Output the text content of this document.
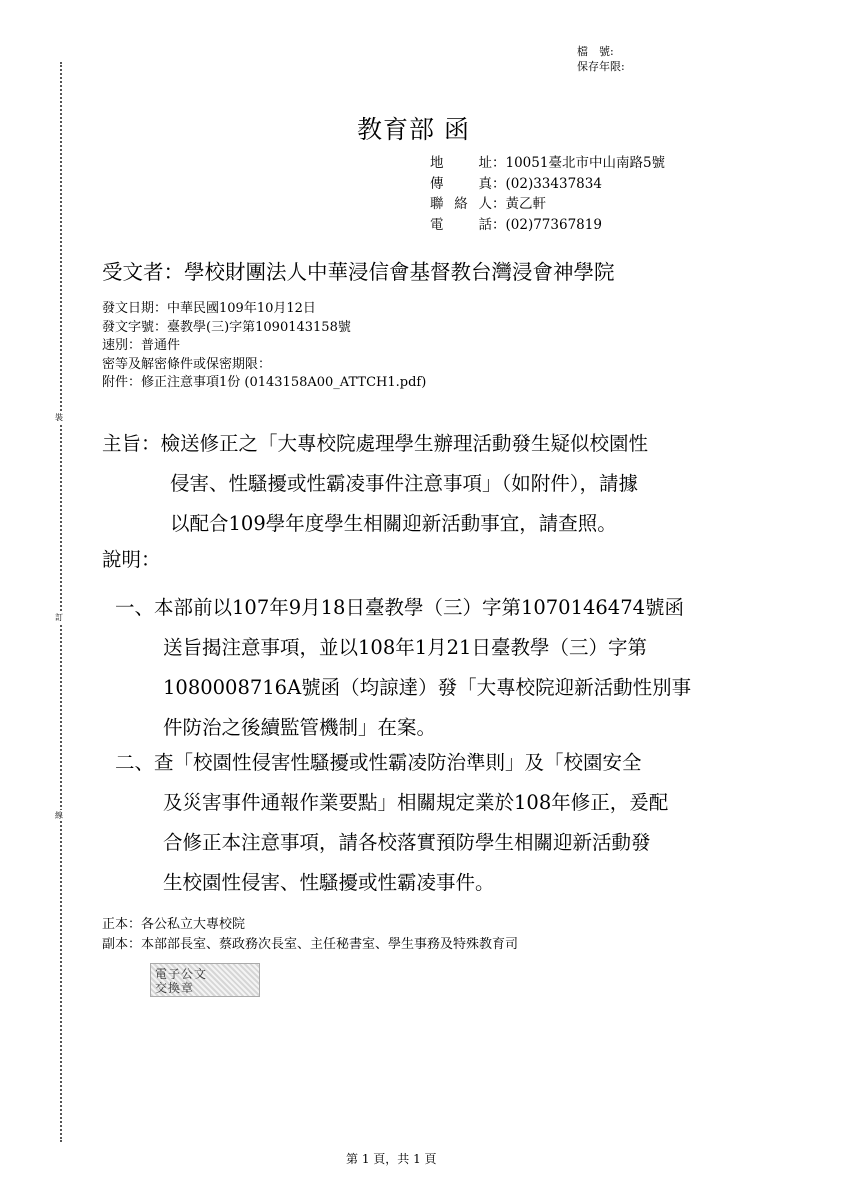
裝
訂
線
檔　號:
保存年限:
教育部 函
地址 ：10051臺北市中山南路5號
傳真 ：(02)33437834
聯絡人 ：黃乙軒
電話 ：(02)77367819
受文者：學校財團法人中華浸信會基督教台灣浸會神學院
發文日期：中華民國109年10月12日
發文字號：臺教學(三)字第1090143158號
速別：普通件
密等及解密條件或保密期限：
附件：修正注意事項1份 (0143158A00_ATTCH1.pdf)
主旨：檢送修正之「大專校院處理學生辦理活動發生疑似校園性
侵害、性騷擾或性霸凌事件注意事項」（如附件），請據
以配合109學年度學生相關迎新活動事宜，請查照。
說明：
一、本部前以107年9月18日臺教學（三）字第1070146474號函
送旨揭注意事項，並以108年1月21日臺教學（三）字第
1080008716A號函（均諒達）發「大專校院迎新活動性別事
件防治之後續監管機制」在案。
二、查「校園性侵害性騷擾或性霸凌防治準則」及「校園安全
及災害事件通報作業要點」相關規定業於108年修正，爰配
合修正本注意事項，請各校落實預防學生相關迎新活動發
生校園性侵害、性騷擾或性霸凌事件。
正本：各公私立大專校院
副本：本部部長室、蔡政務次長室、主任秘書室、學生事務及特殊教育司
電子公文
交換章
第 1 頁，共 1 頁
